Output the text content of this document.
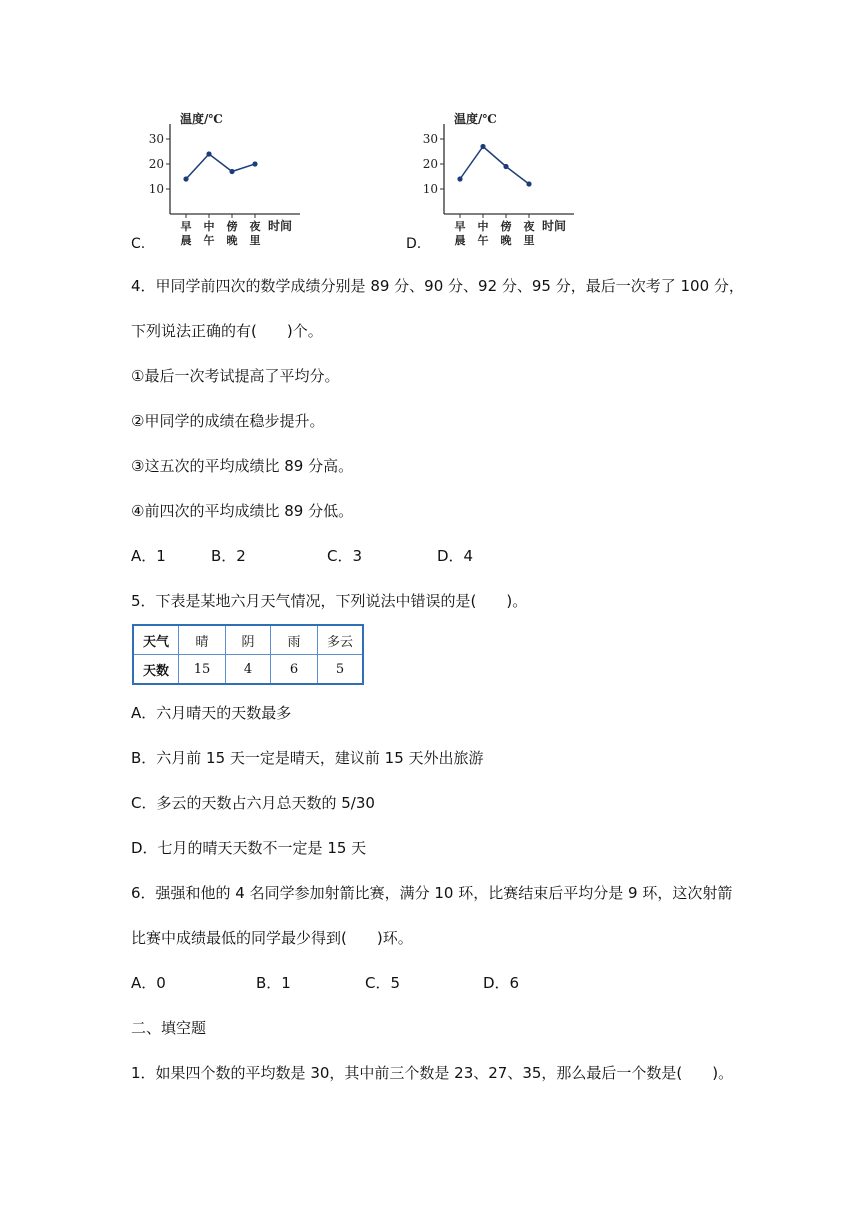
温度/℃
30
20
10
早
晨
中
午
傍
晚
夜
里
时间
C.
温度/℃
30
20
10
早
晨
中
午
傍
晚
夜
里
时间
D.
4．甲同学前四次的数学成绩分别是 89 分、90 分、92 分、95 分，最后一次考了 100 分，
下列说法正确的有(　　)个。
①最后一次考试提高了平均分。
②甲同学的成绩在稳步提升。
③这五次的平均成绩比 89 分高。
④前四次的平均成绩比 89 分低。
A．1	B．2	C．3	D．4
5．下表是某地六月天气情况，下列说法中错误的是(　　)。
天气	晴	阴	雨	多云
天数	15	4	6	5
A．六月晴天的天数最多
B．六月前 15 天一定是晴天，建议前 15 天外出旅游
C．多云的天数占六月总天数的 5/30
D．七月的晴天天数不一定是 15 天
6．强强和他的 4 名同学参加射箭比赛，满分 10 环，比赛结束后平均分是 9 环，这次射箭
比赛中成绩最低的同学最少得到(　　)环。
A．0	B．1	C．5	D．6
二、填空题
1．如果四个数的平均数是 30，其中前三个数是 23、27、35，那么最后一个数是(　　)。
